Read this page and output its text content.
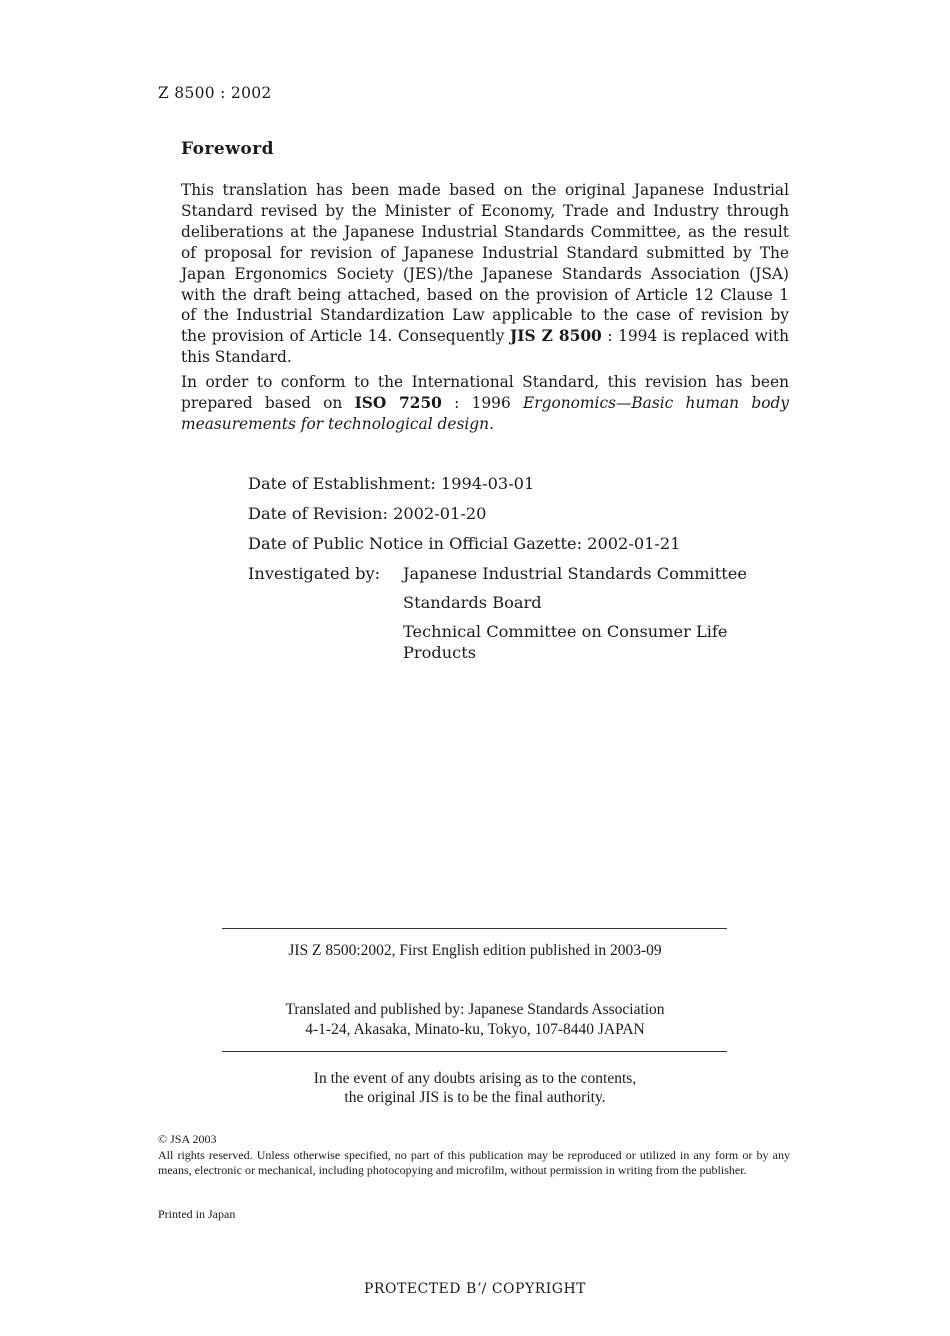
Z 8500 : 2002
Foreword
This translation has been made based on the original Japanese Industrial Standard revised by the Minister of Economy, Trade and Industry through deliberations at the Japanese Industrial Standards Committee, as the result of proposal for revision of Japanese Industrial Standard submitted by The Japan Ergonomics Society (JES)/the Japanese Standards Association (JSA) with the draft being attached, based on the provision of Article 12 Clause 1 of the Industrial Standardization Law applicable to the case of revision by the provision of Article 14. Consequently JIS Z 8500 : 1994 is replaced with this Standard.
In order to conform to the International Standard, this revision has been prepared based on ISO 7250 : 1996 Ergonomics—Basic human body measurements for technological design.
Date of Establishment: 1994-03-01
Date of Revision: 2002-01-20
Date of Public Notice in Official Gazette: 2002-01-21
Investigated by:	Japanese Industrial Standards Committee
Standards Board
Technical Committee on Consumer Life Products
JIS Z 8500:2002, First English edition published in 2003-09
Translated and published by: Japanese Standards Association
4-1-24, Akasaka, Minato-ku, Tokyo, 107-8440 JAPAN
In the event of any doubts arising as to the contents,
the original JIS is to be the final authority.
© JSA 2003
All rights reserved. Unless otherwise specified, no part of this publication may be reproduced or utilized in any form or by any means, electronic or mechanical, including photocopying and microfilm, without permission in writing from the publisher.
Printed in Japan
PROTECTED Bʼ/ COPYRIGHT
